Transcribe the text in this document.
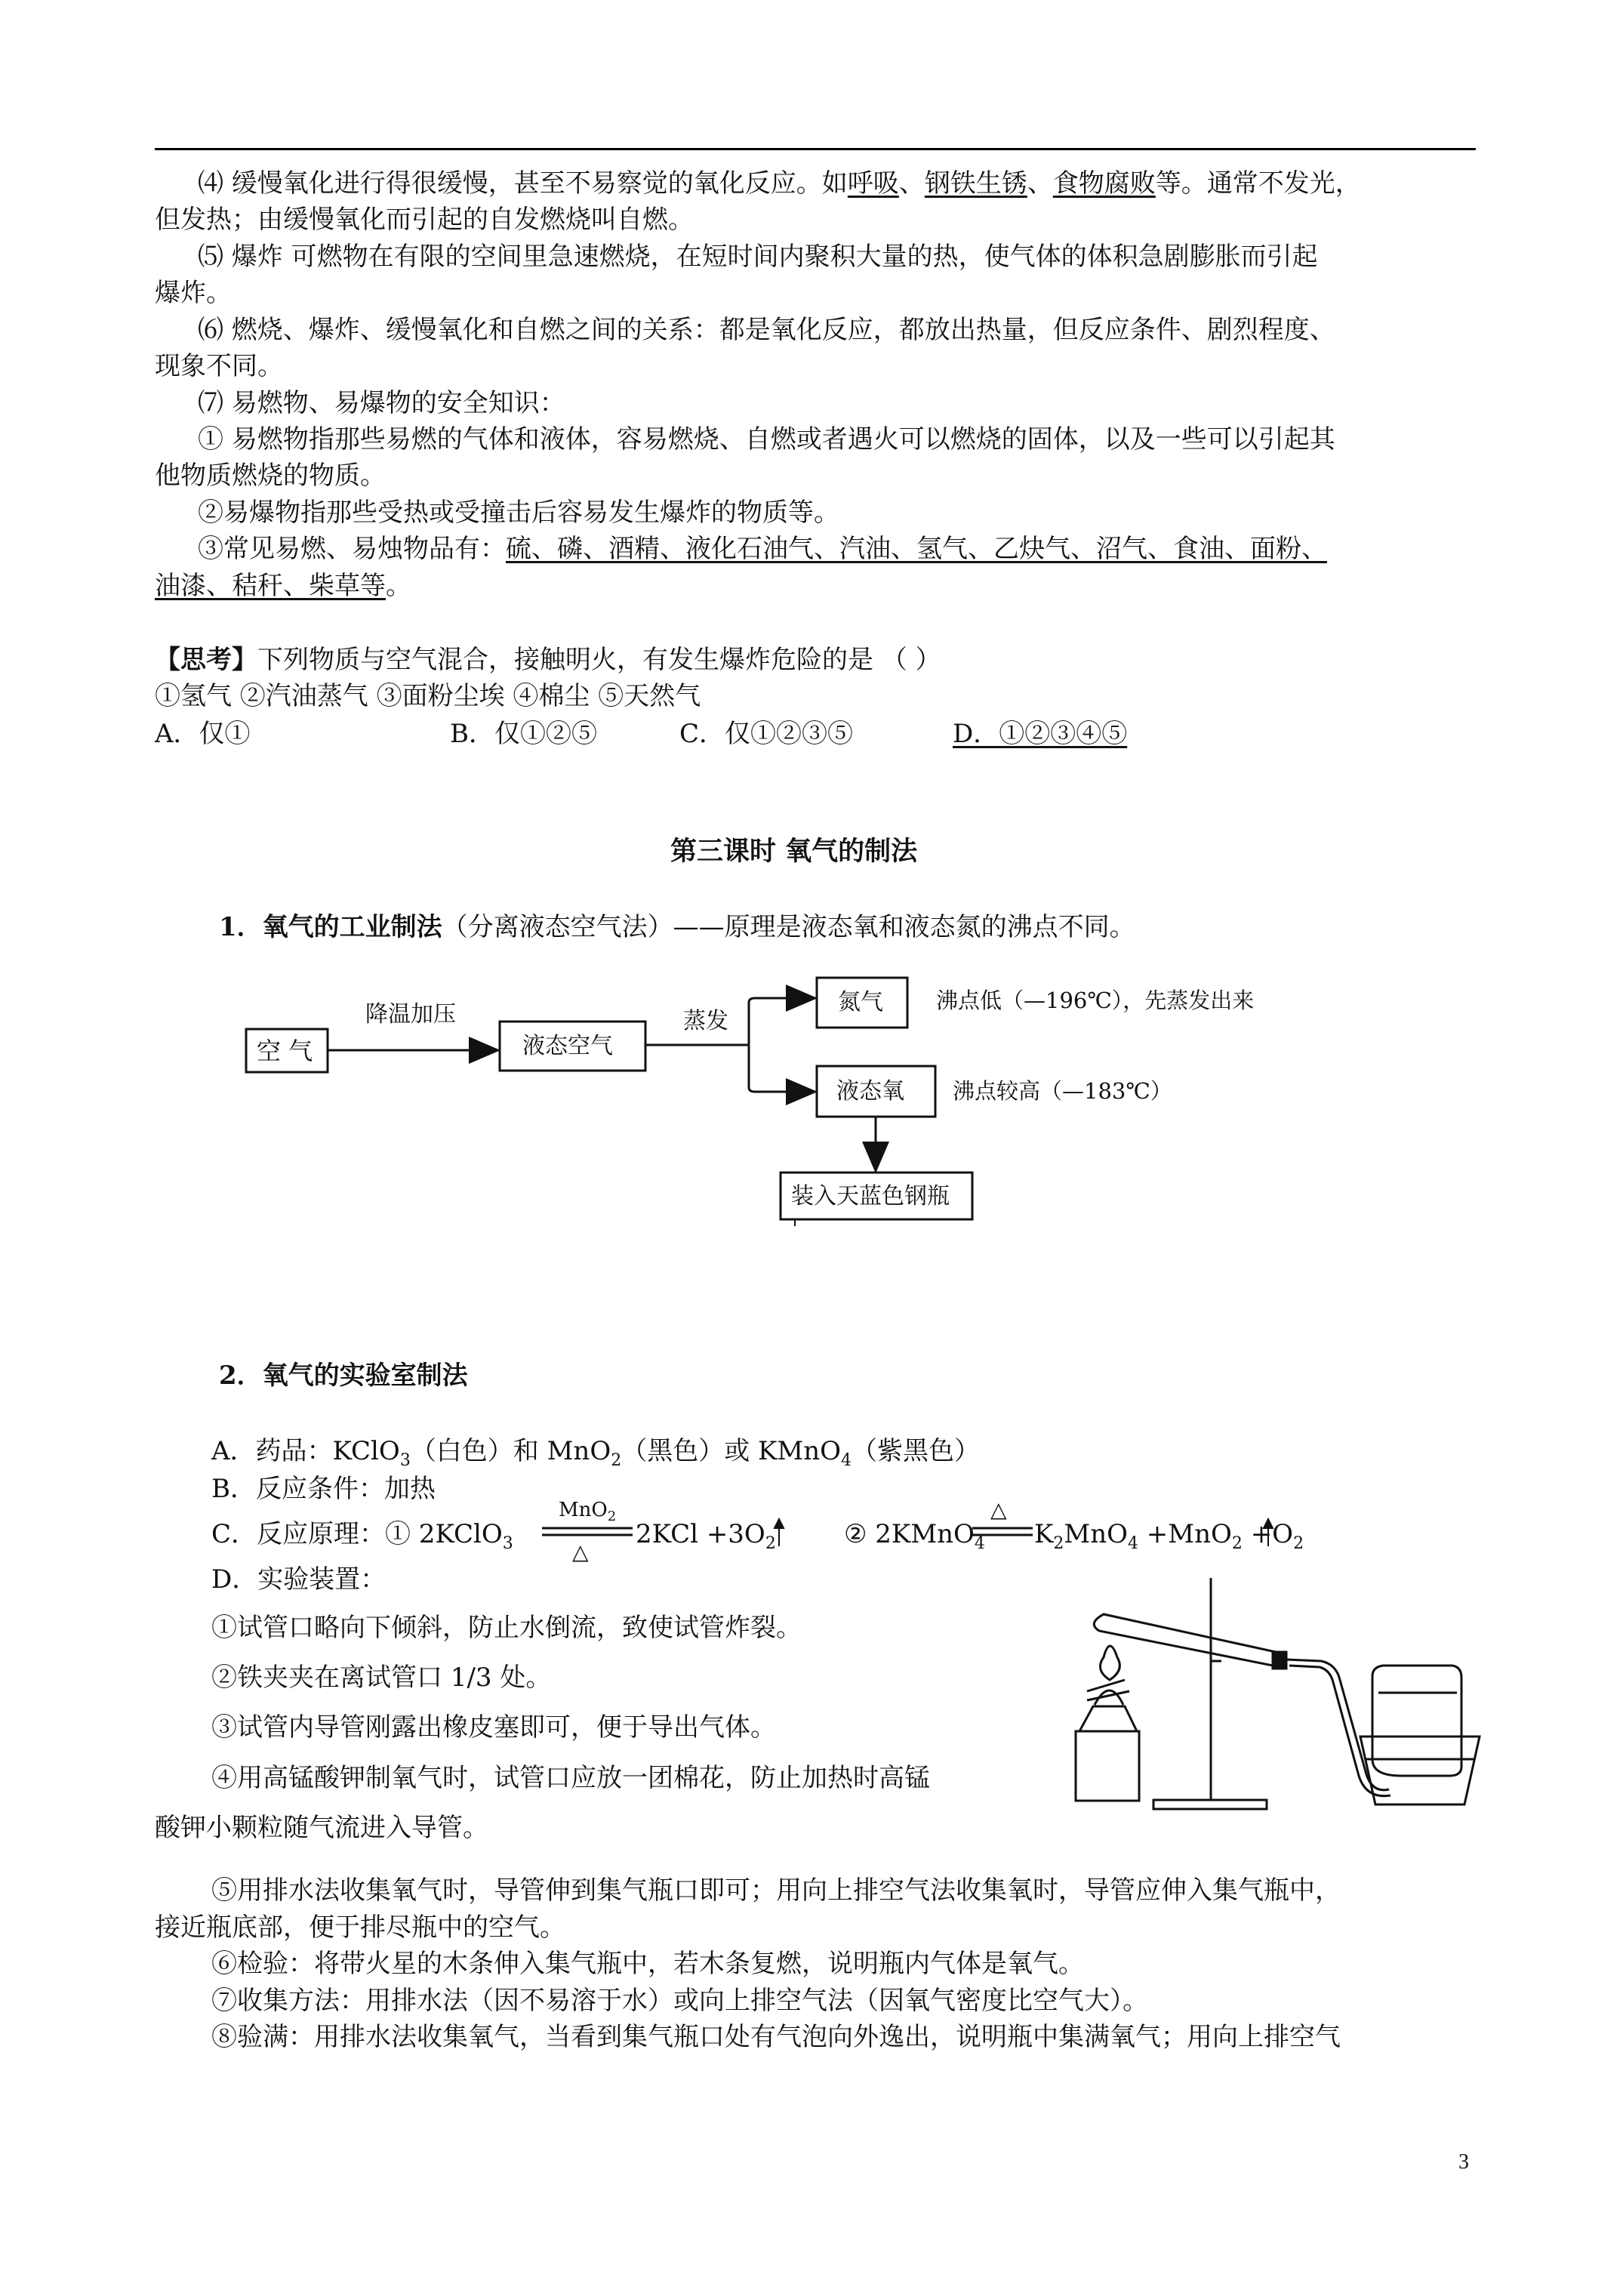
⑷ 缓慢氧化进行得很缓慢，甚至不易察觉的氧化反应。如呼吸、钢铁生锈、食物腐败等。通常不发光，
但发热；由缓慢氧化而引起的自发燃烧叫自燃。
⑸ 爆炸 可燃物在有限的空间里急速燃烧，在短时间内聚积大量的热，使气体的体积急剧膨胀而引起
爆炸。
⑹ 燃烧、爆炸、缓慢氧化和自燃之间的关系：都是氧化反应，都放出热量，但反应条件、剧烈程度、
现象不同。
⑺ 易燃物、易爆物的安全知识：
① 易燃物指那些易燃的气体和液体，容易燃烧、自燃或者遇火可以燃烧的固体，以及一些可以引起其
他物质燃烧的物质。
②易爆物指那些受热或受撞击后容易发生爆炸的物质等。
③常见易燃、易烛物品有：硫、磷、酒精、液化石油气、汽油、氢气、乙炔气、沼气、食油、面粉、
油漆、秸秆、柴草等。
【思考】下列物质与空气混合，接触明火，有发生爆炸危险的是 （ ）
①氢气 ②汽油蒸气 ③面粉尘埃 ④棉尘 ⑤天然气
A．仅①	B．仅①②⑤	C．仅①②③⑤	D．①②③④⑤
第三课时 氧气的制法
1．氧气的工业制法（分离液态空气法）——原理是液态氧和液态氮的沸点不同。
空 气
降温加压
液态空气
蒸发
氮气 沸点低（—196℃），先蒸发出来
液态氧 沸点较高（—183℃）
装入天蓝色钢瓶
2．氧气的实验室制法
A．药品：KClO$_3$（白色）和 MnO$_2$（黑色）或 KMnO$_4$（紫黑色）
B．反应条件：加热
C．反应原理：① 2KClO$_3$
MnO$_2$
△
$2KCl +3O_2$	② 2KMnO$_4$
△
$K_2MnO_4 +MnO_2 +O_2$
D．实验装置：
①试管口略向下倾斜，防止水倒流，致使试管炸裂。
②铁夹夹在离试管口 1/3 处。
③试管内导管刚露出橡皮塞即可，便于导出气体。
④用高锰酸钾制氧气时，试管口应放一团棉花，防止加热时高锰
酸钾小颗粒随气流进入导管。
⑤用排水法收集氧气时，导管伸到集气瓶口即可；用向上排空气法收集氧时，导管应伸入集气瓶中，
接近瓶底部，便于排尽瓶中的空气。
⑥检验：将带火星的木条伸入集气瓶中，若木条复燃，说明瓶内气体是氧气。
⑦收集方法：用排水法（因不易溶于水）或向上排空气法（因氧气密度比空气大）。
⑧验满：用排水法收集氧气，当看到集气瓶口处有气泡向外逸出，说明瓶中集满氧气；用向上排空气
3
